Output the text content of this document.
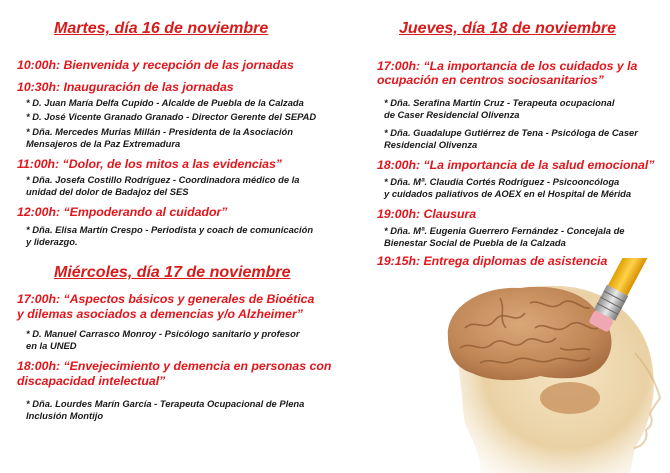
Martes, día 16 de noviembre
10:00h: Bienvenida y recepción de las jornadas
10:30h: Inauguración de las jornadas
* D. Juan María Delfa Cupido - Alcalde de Puebla de la Calzada
* D. José Vicente Granado Granado - Director Gerente del SEPAD
* Dña. Mercedes Murias Millán - Presidenta de la Asociación
Mensajeros de la Paz Extremadura
11:00h: “Dolor, de los mitos a las evidencias”
* Dña. Josefa Costillo Rodríguez - Coordinadora médico de la
unidad del dolor de Badajoz del SES
12:00h: “Empoderando al cuidador”
* Dña. Elisa Martín Crespo - Periodista y coach de comunicación
y liderazgo.
Miércoles, día 17 de noviembre
17:00h: “Aspectos básicos y generales de Bioética
y dilemas asociados a demencias y/o Alzheimer”
* D. Manuel Carrasco Monroy - Psicólogo sanitario y profesor
en la UNED
18:00h: “Envejecimiento y demencia en personas con
discapacidad intelectual”
* Dña. Lourdes Marín García - Terapeuta Ocupacional de Plena
Inclusión Montijo
Jueves, día 18 de noviembre
17:00h: “La importancia de los cuidados y la
ocupación en centros sociosanitarios”
* Dña. Serafina Martín Cruz - Terapeuta ocupacional
de Caser Residencial Olivenza
* Dña. Guadalupe Gutiérrez de Tena - Psicóloga de Caser
Residencial Olivenza
18:00h: “La importancia de la salud emocional”
* Dña. Mª. Claudia Cortés Rodríguez - Psicooncóloga
y cuidados paliativos de AOEX en el Hospital de Mérida
19:00h: Clausura
* Dña. Mª. Eugenia Guerrero Fernández - Concejala de
Bienestar Social de Puebla de la Calzada
19:15h: Entrega diplomas de asistencia
